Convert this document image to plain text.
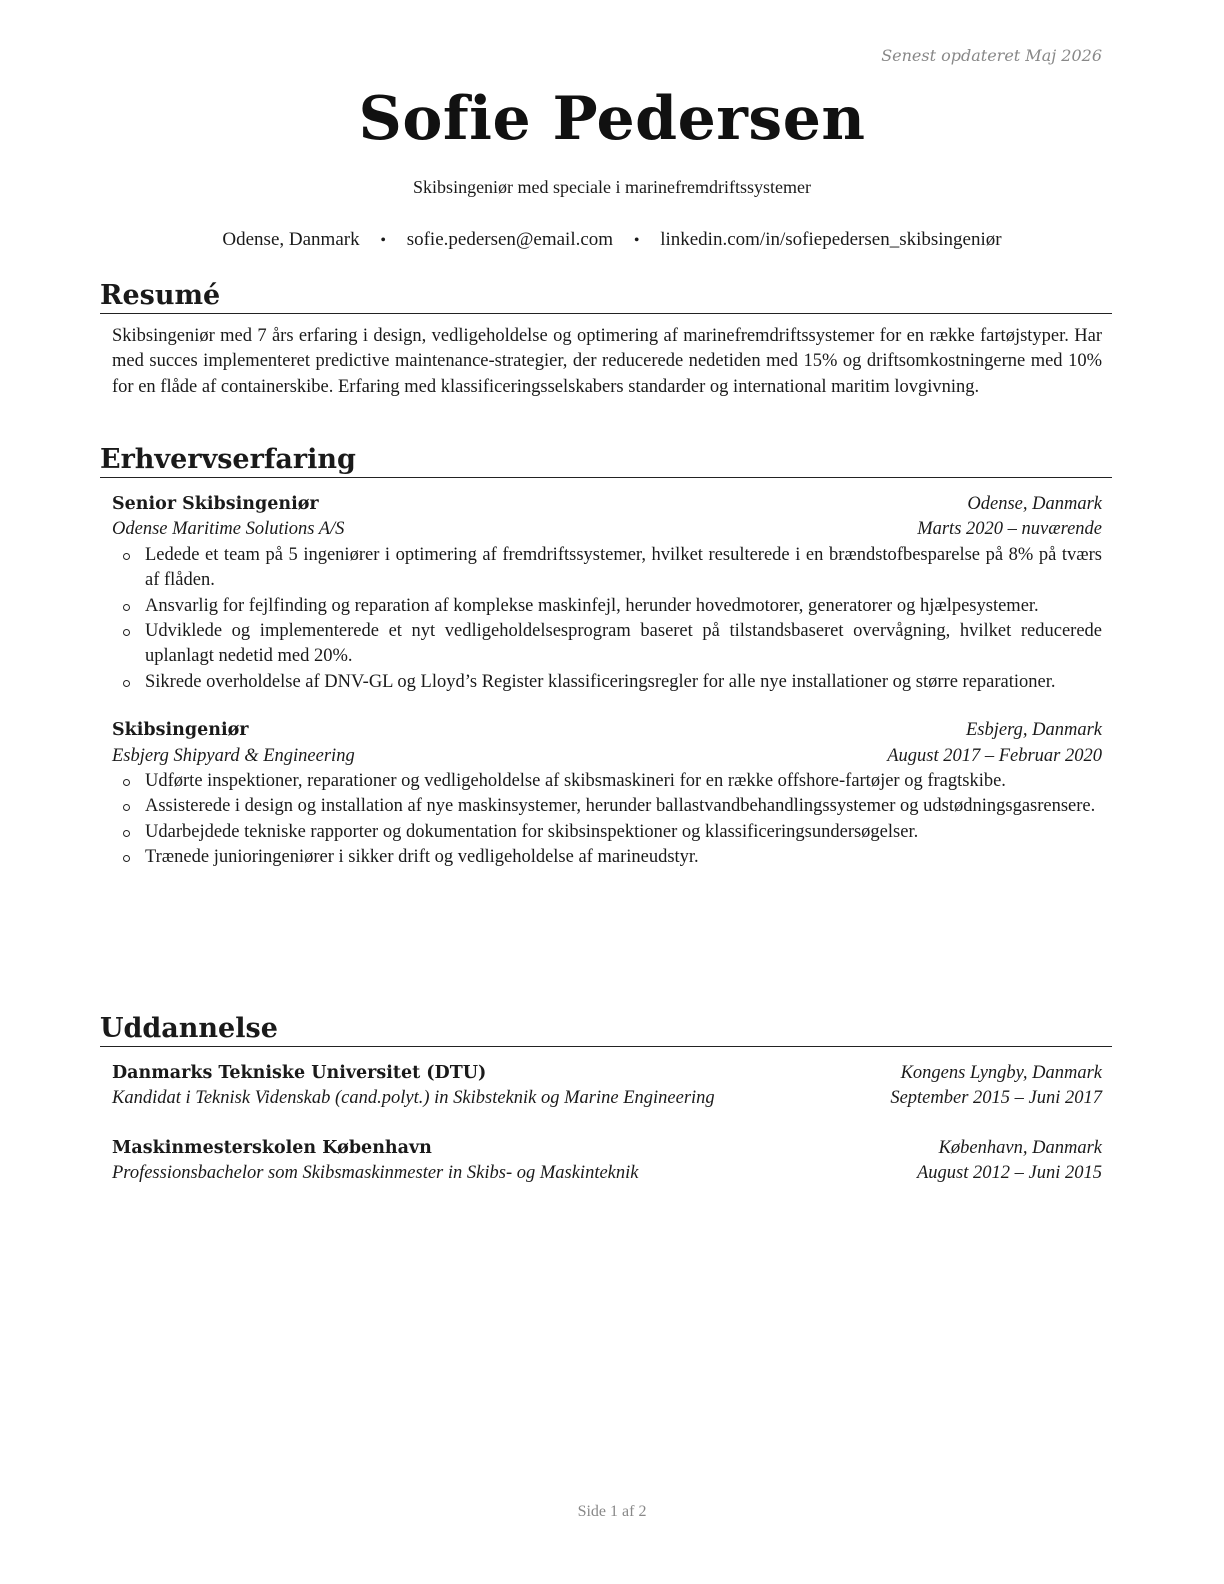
Senest opdateret Maj 2026
Sofie Pedersen
Skibsingeniør med speciale i marinefremdriftssystemer
Odense, Danmark • sofie.pedersen@email.com • linkedin.com/in/sofiepedersen_skibsingeniør
Resumé

Skibsingeniør med 7 års erfaring i design, vedligeholdelse og optimering af marinefremdriftssystemer for en række fartøjstyper. Har med succes implementeret predictive maintenance-strategier, der reducerede nedetiden med 15% og driftsomkostningerne med 10% for en flåde af containerskibe. Erfaring med klassificeringsselskabers standarder og international maritim lovgivning.

Erhvervserfaring
Senior Skibsingeniør	Odense, Danmark
Odense Maritime Solutions A/S	Marts 2020 – nuværende
Ledede et team på 5 ingeniører i optimering af fremdriftssystemer, hvilket resulterede i en brændstofbesparelse på 8% på tværs af flåden.
Ansvarlig for fejlfinding og reparation af komplekse maskinfejl, herunder hovedmotorer, generatorer og hjælpesystemer.
Udviklede og implementerede et nyt vedligeholdelsesprogram baseret på tilstandsbaseret overvågning, hvilket reducerede uplanlagt nedetid med 20%.
Sikrede overholdelse af DNV-GL og Lloyd’s Register klassificeringsregler for alle nye installationer og større reparationer.
Skibsingeniør	Esbjerg, Danmark
Esbjerg Shipyard & Engineering	August 2017 – Februar 2020
Udførte inspektioner, reparationer og vedligeholdelse af skibsmaskineri for en række offshore-fartøjer og fragtskibe.
Assisterede i design og installation af nye maskinsystemer, herunder ballastvandbehandlingssystemer og udstødningsgasrensere.
Udarbejdede tekniske rapporter og dokumentation for skibsinspektioner og klassificeringsundersøgelser.
Trænede junioringeniører i sikker drift og vedligeholdelse af marineudstyr.
Uddannelse
Danmarks Tekniske Universitet (DTU)	Kongens Lyngby, Danmark
Kandidat i Teknisk Videnskab (cand.polyt.) in Skibsteknik og Marine Engineering	September 2015 – Juni 2017
Maskinmesterskolen København	København, Danmark
Professionsbachelor som Skibsmaskinmester in Skibs- og Maskinteknik	August 2012 – Juni 2015
Side 1 af 2
